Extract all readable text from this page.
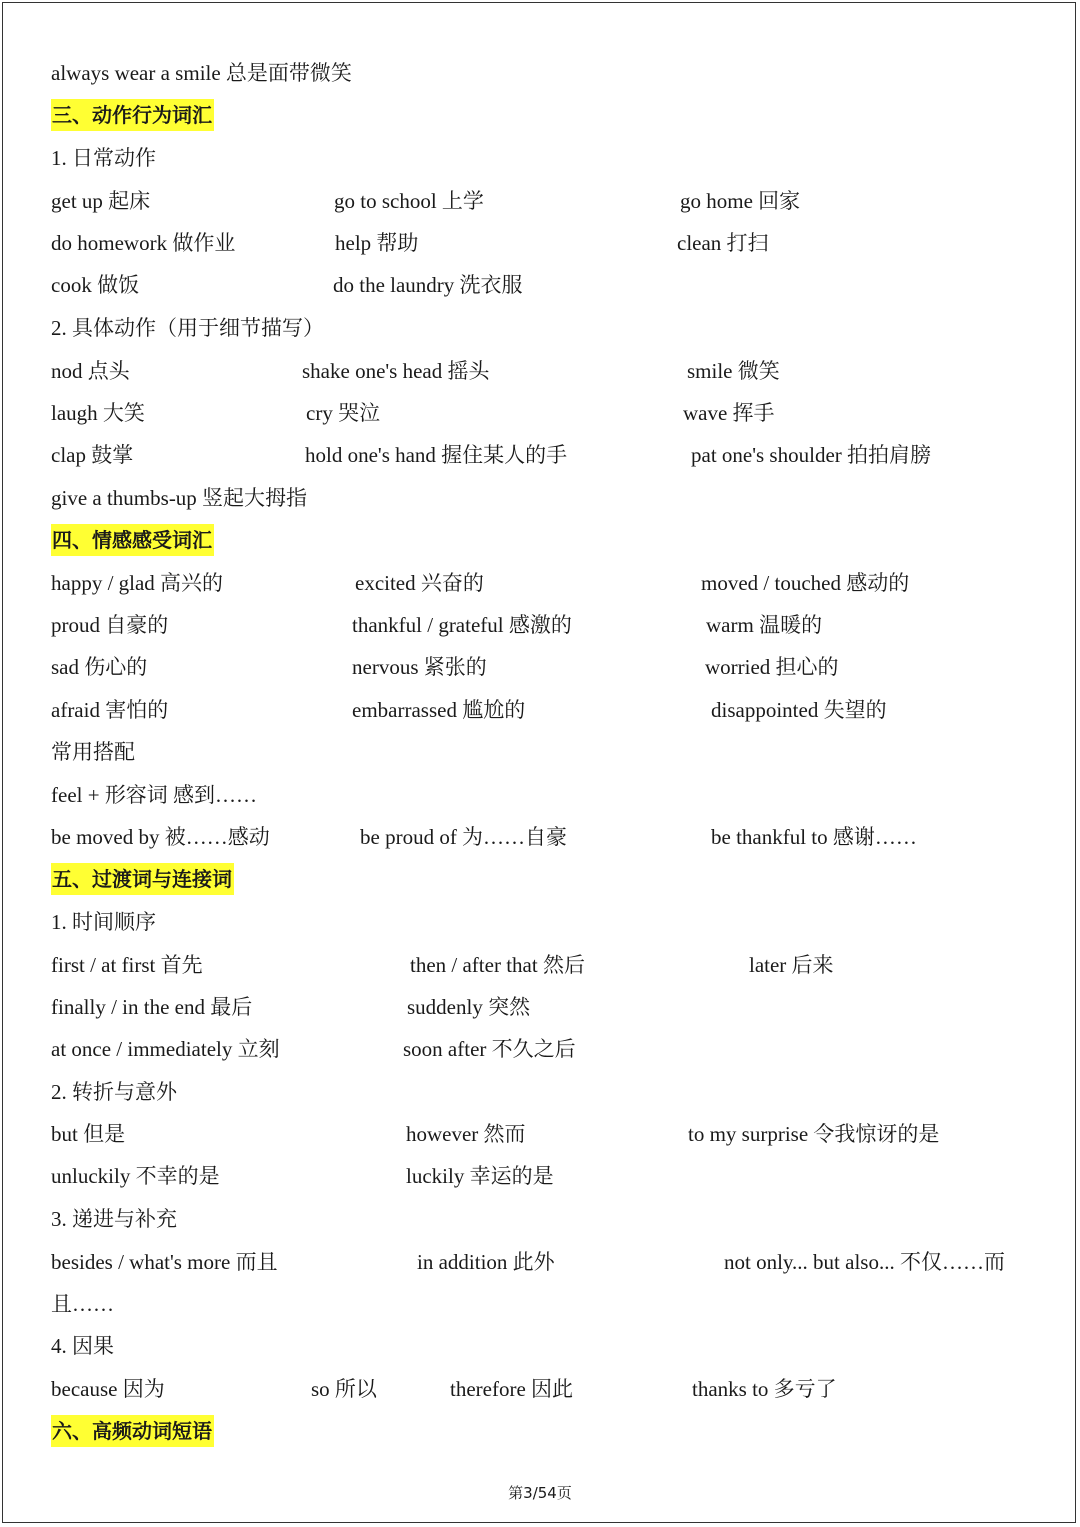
always wear a smile 总是面带微笑
三、动作行为词汇
1. 日常动作
get up 起床	go to school 上学	go home 回家
do homework 做作业	help 帮助	clean 打扫
cook 做饭	do the laundry 洗衣服
2. 具体动作（用于细节描写）
nod 点头	shake one's head 摇头	smile 微笑
laugh 大笑	cry 哭泣	wave 挥手
clap 鼓掌	hold one's hand 握住某人的手	pat one's shoulder 拍拍肩膀
give a thumbs-up 竖起大拇指
四、情感感受词汇
happy / glad 高兴的	excited 兴奋的	moved / touched 感动的
proud 自豪的	thankful / grateful 感激的	warm 温暖的
sad 伤心的	nervous 紧张的	worried 担心的
afraid 害怕的	embarrassed 尴尬的	disappointed 失望的
常用搭配
feel + 形容词 感到……
be moved by 被……感动	be proud of 为……自豪	be thankful to 感谢……
五、过渡词与连接词
1. 时间顺序
first / at first 首先	then / after that 然后	later 后来
finally / in the end 最后	suddenly 突然
at once / immediately 立刻	soon after 不久之后
2. 转折与意外
but 但是	however 然而	to my surprise 令我惊讶的是
unluckily 不幸的是	luckily 幸运的是
3. 递进与补充
besides / what's more 而且	in addition 此外	not only... but also... 不仅……而
且……
4. 因果
because 因为	so 所以	therefore 因此	thanks to 多亏了
六、高频动词短语
第3/54页
